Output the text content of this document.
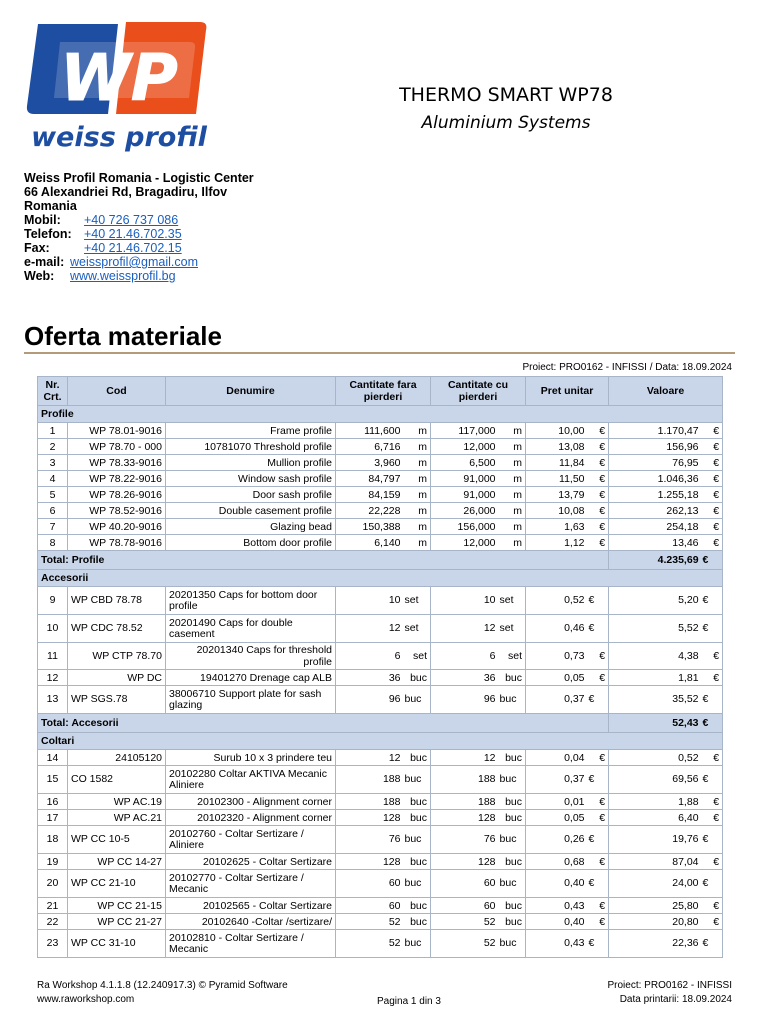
WP
weiss profil
THERMO SMART WP78
Aluminium Systems
Weiss Profil Romania - Logistic Center
66 Alexandriei Rd, Bragadiru, Ilfov
Romania
Mobil:	+40 726 737 086
Telefon: +40 21.46.702.35
Fax:	+40 21.46.702.15
e-mail: weissprofil@gmail.com
Web:	www.weissprofil.bg
Oferta materiale
Proiect: PRO0162 - INFISSI / Data: 18.09.2024
Nr. Crt.	Cod	Denumire	Cantitate fara pierderi		Cantitate cu pierderi		Pret unitar		Valoare	
Profile										
1	WP 78.01-9016	Frame profile	111,600	m	117,000	m	10,00	€	1.170,47	€
2	WP 78.70 - 000	10781070 Threshold profile	6,716	m	12,000	m	13,08	€	156,96	€
3	WP 78.33-9016	Mullion profile	3,960	m	6,500	m	11,84	€	76,95	€
4	WP 78.22-9016	Window sash profile	84,797	m	91,000	m	11,50	€	1.046,36	€
5	WP 78.26-9016	Door sash profile	84,159	m	91,000	m	13,79	€	1.255,18	€
6	WP 78.52-9016	Double casement profile	22,228	m	26,000	m	10,08	€	262,13	€
7	WP 40.20-9016	Glazing bead	150,388	m	156,000	m	1,63	€	254,18	€
8	WP 78.78-9016	Bottom door profile	6,140	m	12,000	m	1,12	€	13,46	€
Total: Profile									4.235,69	€
Accesorii										
9	WP CBD 78.78	20201350 Caps for bottom door profile	10	set	10	set	0,52	€	5,20	€
10	WP CDC 78.52	20201490 Caps for double casement	12	set	12	set	0,46	€	5,52	€
11	WP CTP 78.70	20201340 Caps for threshold profile	6	set	6	set	0,73	€	4,38	€
12	WP DC	19401270 Drenage cap ALB	36	buc	36	buc	0,05	€	1,81	€
13	WP SGS.78	38006710 Support plate for sash glazing	96	buc	96	buc	0,37	€	35,52	€
Total: Accesorii									52,43	€
Coltari										
14	24105120	Surub 10 x 3 prindere teu	12	buc	12	buc	0,04	€	0,52	€
15	CO 1582	20102280 Coltar AKTIVA Mecanic Aliniere	188	buc	188	buc	0,37	€	69,56	€
16	WP AC.19	20102300 - Alignment corner	188	buc	188	buc	0,01	€	1,88	€
17	WP AC.21	20102320 - Alignment corner	128	buc	128	buc	0,05	€	6,40	€
18	WP CC 10-5	20102760 - Coltar Sertizare / Aliniere	76	buc	76	buc	0,26	€	19,76	€
19	WP CC 14-27	20102625 - Coltar Sertizare	128	buc	128	buc	0,68	€	87,04	€
20	WP CC 21-10	20102770 - Coltar Sertizare / Mecanic	60	buc	60	buc	0,40	€	24,00	€
21	WP CC 21-15	20102565 - Coltar Sertizare	60	buc	60	buc	0,43	€	25,80	€
22	WP CC 21-27	20102640 -Coltar /sertizare/	52	buc	52	buc	0,40	€	20,80	€
23	WP CC 31-10	20102810 - Coltar Sertizare / Mecanic	52	buc	52	buc	0,43	€	22,36	€
Ra Workshop 4.1.1.8 (12.240917.3) © Pyramid Software
www.raworkshop.com	Pagina 1 din 3
Proiect: PRO0162 - INFISSI
Data printarii: 18.09.2024
